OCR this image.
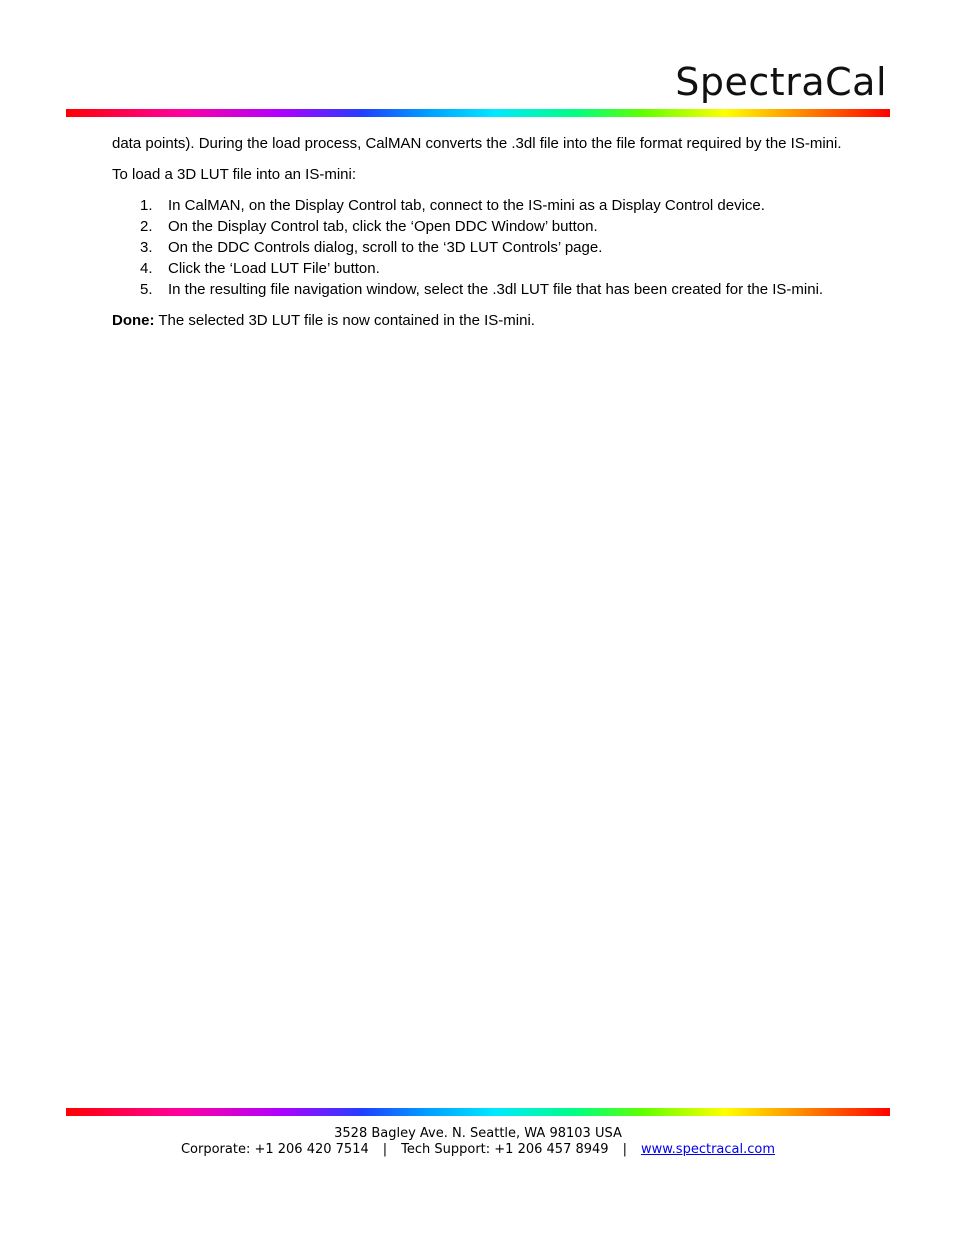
SpectraCal

data points). During the load process, CalMAN converts the .3dl file into the file format required by the IS-mini.

To load a 3D LUT file into an IS-mini:

1. In CalMAN, on the Display Control tab, connect to the IS-mini as a Display Control device.
2. On the Display Control tab, click the ‘Open DDC Window’ button.
3. On the DDC Controls dialog, scroll to the ‘3D LUT Controls’ page.
4. Click the ‘Load LUT File’ button.
5. In the resulting file navigation window, select the .3dl LUT file that has been created for the IS-mini.

Done: The selected 3D LUT file is now contained in the IS-mini.

3528 Bagley Ave. N. Seattle, WA 98103 USA
Corporate: +1 206 420 7514 | Tech Support: +1 206 457 8949 | www.spectracal.com
